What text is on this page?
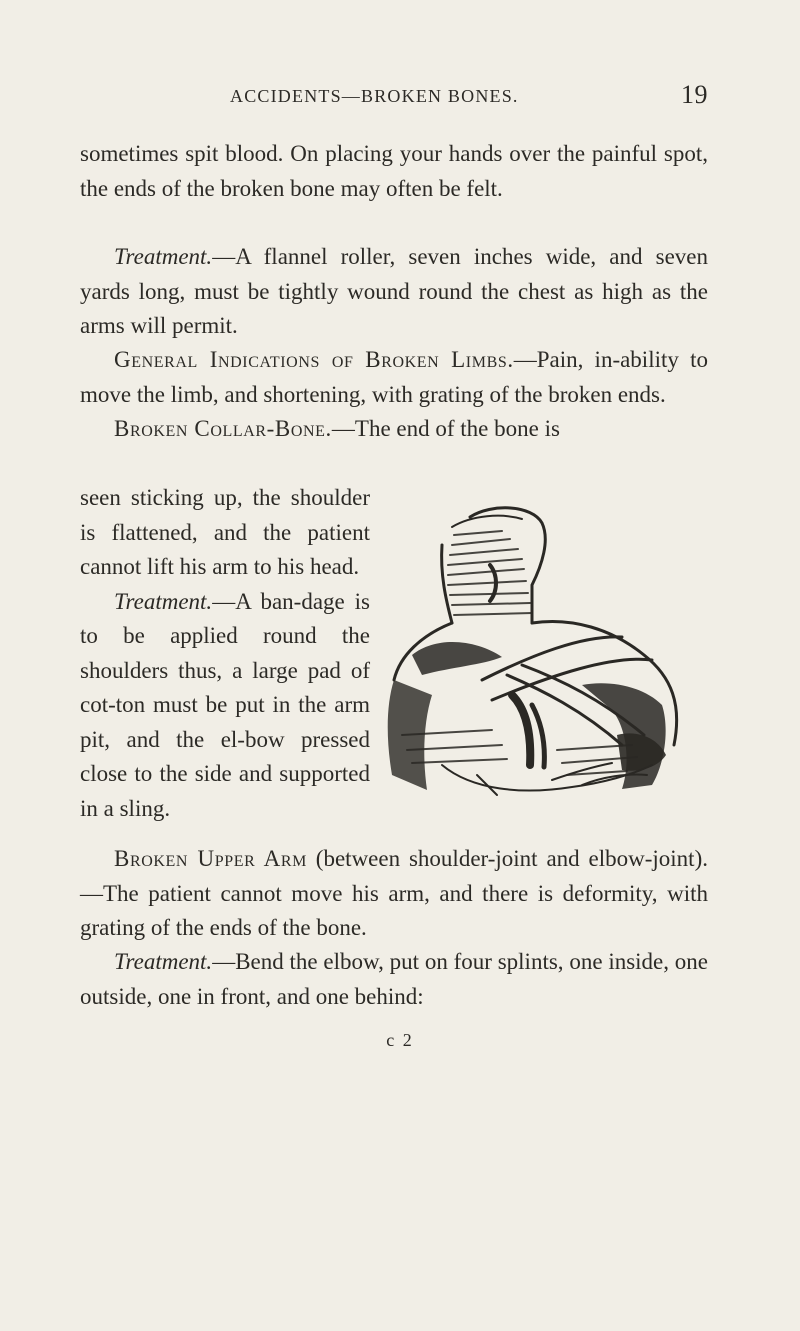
ACCIDENTS—BROKEN BONES.	19

sometimes spit blood. On placing your hands over the painful spot, the ends of the broken bone may often be felt.

Treatment.—A flannel roller, seven inches wide, and seven yards long, must be tightly wound round the chest as high as the arms will permit.

General Indications of Broken Limbs.—Pain, in-ability to move the limb, and shortening, with grating of the broken ends.

Broken Collar-Bone.—The end of the bone is

seen sticking up, the shoulder is flattened, and the patient cannot lift his arm to his head.

Treatment.—A ban-dage is to be applied round the shoulders thus, a large pad of cot-ton must be put in the arm pit, and the el-bow pressed close to the side and supported in a sling.

Broken Upper Arm (between shoulder-joint and elbow-joint).—The patient cannot move his arm, and there is deformity, with grating of the ends of the bone.

Treatment.—Bend the elbow, put on four splints, one inside, one outside, one in front, and one behind:

c 2
